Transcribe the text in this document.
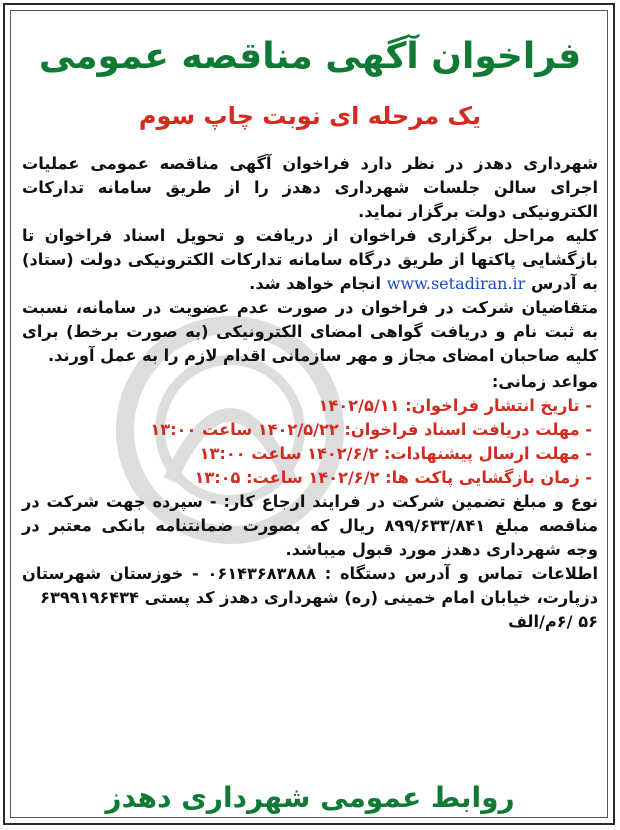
فراخوان آگهی مناقصه عمومی
یک مرحله ای نوبت چاپ سوم

شهرداری دهدز در نظر دارد فراخوان آگهی مناقصه عمومی عملیات اجرای سالن جلسات شهرداری دهدز را از طریق سامانه تدارکات الکترونیکی دولت برگزار نماید.

کلیه مراحل برگزاری فراخوان از دریافت و تحویل اسناد فراخوان تا بازگشایی پاکتها از طریق درگاه سامانه تدارکات الکترونیکی دولت (ستاد) به آدرس www.setadiran.ir انجام خواهد شد.

متقاضیان شرکت در فراخوان در صورت عدم عضویت در سامانه، نسبت به ثبت نام و دریافت گواهی امضای الکترونیکی (به صورت برخط) برای کلیه صاحبان امضای مجاز و مهر سازمانی اقدام لازم را به عمل آورند.

مواعد زمانی:

- تاریخ انتشار فراخوان: ۱۴۰۲/۵/۱۱

- مهلت دریافت اسناد فراخوان: ۱۴۰۲/۵/۲۲ ساعت ۱۳:۰۰

- مهلت ارسال پیشنهادات: ۱۴۰۲/۶/۲ ساعت ۱۳:۰۰

- زمان بازگشایی پاکت ها: ۱۴۰۲/۶/۲ ساعت: ۱۳:۰۵

نوع و مبلغ تضمین شرکت در فرایند ارجاع کار: - سپرده جهت شرکت در مناقصه مبلغ ۸۹۹/۶۳۳/۸۴۱ ریال که بصورت ضمانتنامه بانکی معتبر در وجه شهرداری دهدز مورد قبول میباشد.

اطلاعات تماس و آدرس دستگاه : ۰۶۱۴۳۶۸۳۸۸۸ - خوزستان شهرستان دزپارت، خیابان امام خمینی (ره) شهرداری دهدز کد پستی ۶۳۹۹۱۹۶۴۳۴

۵۶ /۶م/الف

روابط عمومی شهرداری دهدز
